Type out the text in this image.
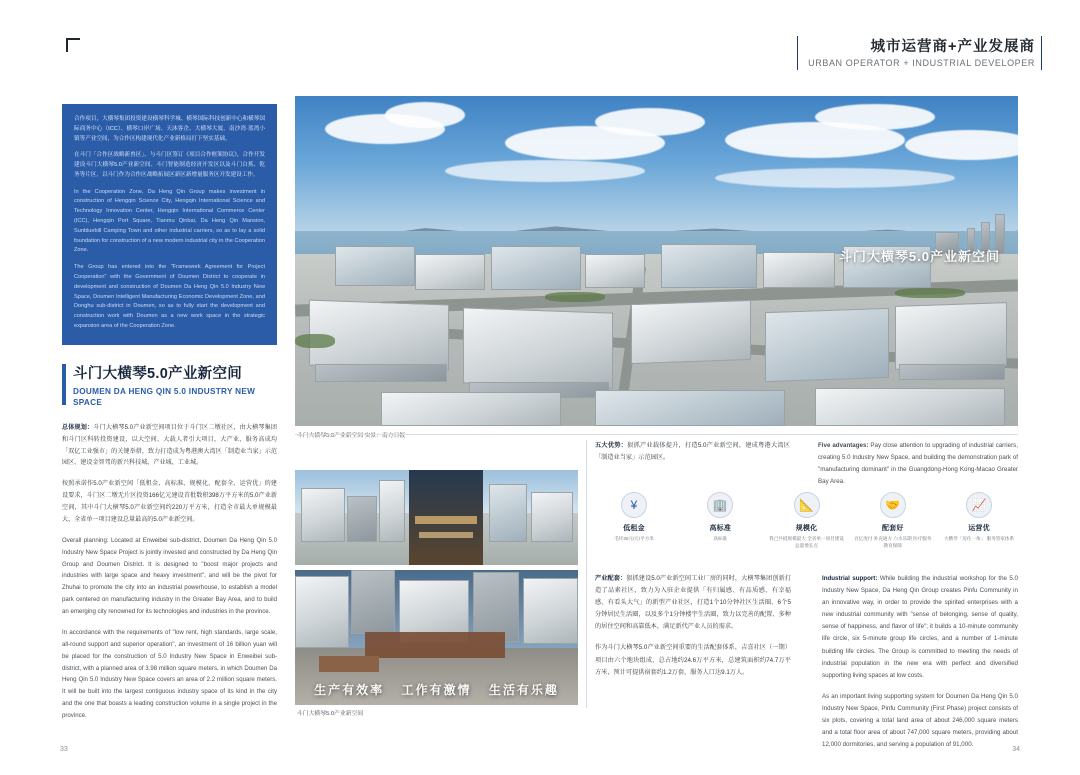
城市运营商+产业发展商
URBAN OPERATOR + INDUSTRIAL DEVELOPER

合作项目，大横琴集团投资建设横琴科学城、横琴国际科技创新中心和横琴国际商务中心（ICC）、横琴口岸广场、天沐客企、大横琴大厦、南沙湾·蓝湾小镇等产业空间，为合作区构建现代化产业新格局打下坚实基础。

在斗门「合作区战略新兽区」、与斗门区签订《项目合作框架协议》，合作开发建设斗门大横琴5.0产业新空间、斗门智能制造经济开发区以及斗门白蕉、乾务等片区，以斗门作为合作区战略拓展区新区新增量服务区开发建设工作。

In the Cooperation Zone, Da Heng Qin Group makes investment in construction of Hengqin Science City, Hengqin International Science and Technology Innovation Center, Hengqin International Commerce Center (ICC), Hengqin Port Square, Tianmu Qinbai, Da Heng Qin Mansion, Sunbluebill Camping Town and other industrial carriers, so as to lay a solid foundation for construction of a new modern industrial city in the Cooperation Zone.

The Group has entered into the "Framework Agreement for Project Cooperation" with the Government of Doumen District to cooperate in development and construction of Doumen Da Heng Qin 5.0 Industry New Space, Doumen Intelligent Manufacturing Economic Development Zone, and Donghu sub-district in Doumen, so as to fully start the development and construction work with Doumen as a new work space in the strategic expansion area of the Cooperation Zone.

斗门大横琴5.0产业新空间
DOUMEN DA HENG QIN 5.0 INDUSTRY NEW SPACE

总体规划：斗门大横琴5.0产业新空间项目位于斗门区二墩社区，由大横琴集团和斗门区科转投资建设，以大空间、大载人者引大项目、大产业，服务高成均「双亿工业强市」的关键举措，致力打造成为粤港澳大湾区「制造业当家」示范园区、建设金智驾的新兴科技城、产业城、工业城。

按照承诺作5.0产业新空间「低租金、高标准、规模化、配套全、运营优」的建设要求，斗门区二墩无片区投资166亿元建设首批数积398万平方米的5.0产业新空间，其中斗门大横琴5.0产业新空间约220万平方米，打造全市最大单规模最大、全省单一项目建设总量最高的5.0产业新空间。

Overall planning: Located at Enweibei sub-district, Doumen Da Heng Qin 5.0 Industry New Space Project is jointly invested and constructed by Da Heng Qin Group and Doumen District. It is designed to "boost major projects and industries with large space and heavy investment", and will be the pivot for Zhuhai to promote the city into an industrial powerhouse, to establish a model park centered on manufacturing industry in the Greater Bay Area, and to build an emerging city renowned for its technologies and industries in the province.

In accordance with the requirements of "low rent, high standards, large scale, all-round support and superior operation", an investment of 16 billion yuan will be placed for the construction of 5.0 Industry New Space in Enweibei sub-district, with a planned area of 3.98 million square meters, in which Doumen Da Heng Qin 5.0 Industry New Space covers an area of 2.2 million square meters. It will be built into the largest contiguous industry space of its kind in the city and the one that boasts a leading construction volume in a single project in the province.

斗门大横琴5.0产业新空间
斗门大横琴5.0产业新空间 实景：南方日报
五大优势：狠抓产业载体提升，打造5.0产业新空间，建成粤港大湾区「制造业当家」示范园区。
Five advantages: Pay close attention to upgrading of industrial carriers, creating 5.0 Industry New Space, and building the demonstration park of "manufacturing dominant" in the Guangdong-Hong Kong-Macao Greater Bay Area.
¥
低租金
毛坯30元/元/平方米
🏢
高标准
高标准
📐
规模化
我已共抵规模最大 全省单一项目建设 总量增长点
🤝
配套好
百亿度付 补充通方 六水乐期 医疗服务 教育保障
📈
运营优
大横琴「房住一体」 服务管家体系

产业配套：狠抓建设5.0产业新空间工业厂房的同时，大横琴集团创新打造了品素社区，致力为入驻企业提供「有归属感、有品质感、有幸福感、有看头大气」的新型产业社区，打造1个10分钟社区生活圈、6个5分钟居民生活圈，以及多个1分钟楼宇生活圈，致力以完善的配置、多种的居住空间和高靠低本，满足新代产业人员的需求。

作为斗门大横琴5.0产业新空间重要的生活配套体系，吉喜社区（一期）项目由六个地块组成，总占地约24.6万平方米，总建筑面积约74.7万平方米，预计可提供宿套约1.2万套，服务人口达9.1万人。

Industrial support: While building the industrial workshop for the 5.0 Industry New Space, Da Heng Qin Group creates Pinfu Community in an innovative way, in order to provide the spirited enterprises with a new industrial community with "sense of belonging, sense of quality, sense of happiness, and flavor of life"; it builds a 10-minute community life circle, six 5-minute group life circles, and a number of 1-minute building life circles. The Group is committed to meeting the needs of industrial population in the new era with perfect and diversified supporting living spaces at low costs.

As an important living supporting system for Doumen Da Heng Qin 5.0 Industry New Space, Pinfu Community (First Phase) project consists of six plots, covering a total land area of about 246,000 square meters and a total floor area of about 747,000 square meters, providing about 12,000 dormitories, and serving a population of 91,000.

生产有效率 工作有激情 生活有乐趣
斗门大横琴5.0产业新空间
33	34
